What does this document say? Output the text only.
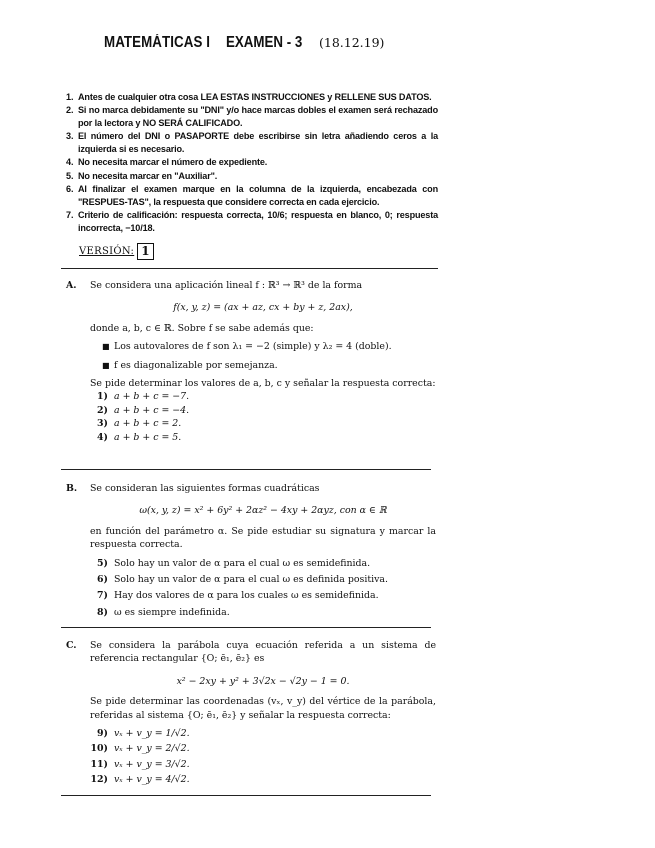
MATEMÁTICAS I EXAMEN - 3 (18.12.19)
1. Antes de cualquier otra cosa LEA ESTAS INSTRUCCIONES y RELLENE SUS DATOS.
2. Si no marca debidamente su "DNI" y/o hace marcas dobles el examen será rechazado por la lectora y NO SERÁ CALIFICADO.
3. El número del DNI o PASAPORTE debe escribirse sin letra añadiendo ceros a la izquierda si es necesario.
4. No necesita marcar el número de expediente.
5. No necesita marcar en "Auxiliar".
6. Al finalizar el examen marque en la columna de la izquierda, encabezada con "RESPUES-TAS", la respuesta que considere correcta en cada ejercicio.
7. Criterio de calificación: respuesta correcta, 10/6; respuesta en blanco, 0; respuesta incorrecta, −10/18.
VERSIÓN: 1
A.	Se considera una aplicación lineal f : ℝ³ → ℝ³ de la forma
f(x, y, z) = (ax + az, cx + by + z, 2ax),
donde a, b, c ∈ ℝ. Sobre f se sabe además que:
■ Los autovalores de f son λ₁ = −2 (simple) y λ₂ = 4 (doble).
■ f es diagonalizable por semejanza.
Se pide determinar los valores de a, b, c y señalar la respuesta correcta:
1) a + b + c = −7.
2) a + b + c = −4.
3) a + b + c = 2.
4) a + b + c = 5.
B.	Se consideran las siguientes formas cuadráticas
ω(x, y, z) = x² + 6y² + 2αz² − 4xy + 2αyz, con α ∈ ℝ
en función del parámetro α. Se pide estudiar su signatura y marcar la respuesta correcta.
5) Solo hay un valor de α para el cual ω es semidefinida.
6) Solo hay un valor de α para el cual ω es definida positiva.
7) Hay dos valores de α para los cuales ω es semidefinida.
8) ω es siempre indefinida.
C.	Se considera la parábola cuya ecuación referida a un sistema de referencia rectangular {O; ē₁, ē₂} es
x² − 2xy + y² + 3√2x − √2y − 1 = 0.
Se pide determinar las coordenadas (vₓ, v_y) del vértice de la parábola, referidas al sistema {O; ē₁, ē₂} y señalar la respuesta correcta:
9) vₓ + v_y = 1/√2.
10) vₓ + v_y = 2/√2.
11) vₓ + v_y = 3/√2.
12) vₓ + v_y = 4/√2.
